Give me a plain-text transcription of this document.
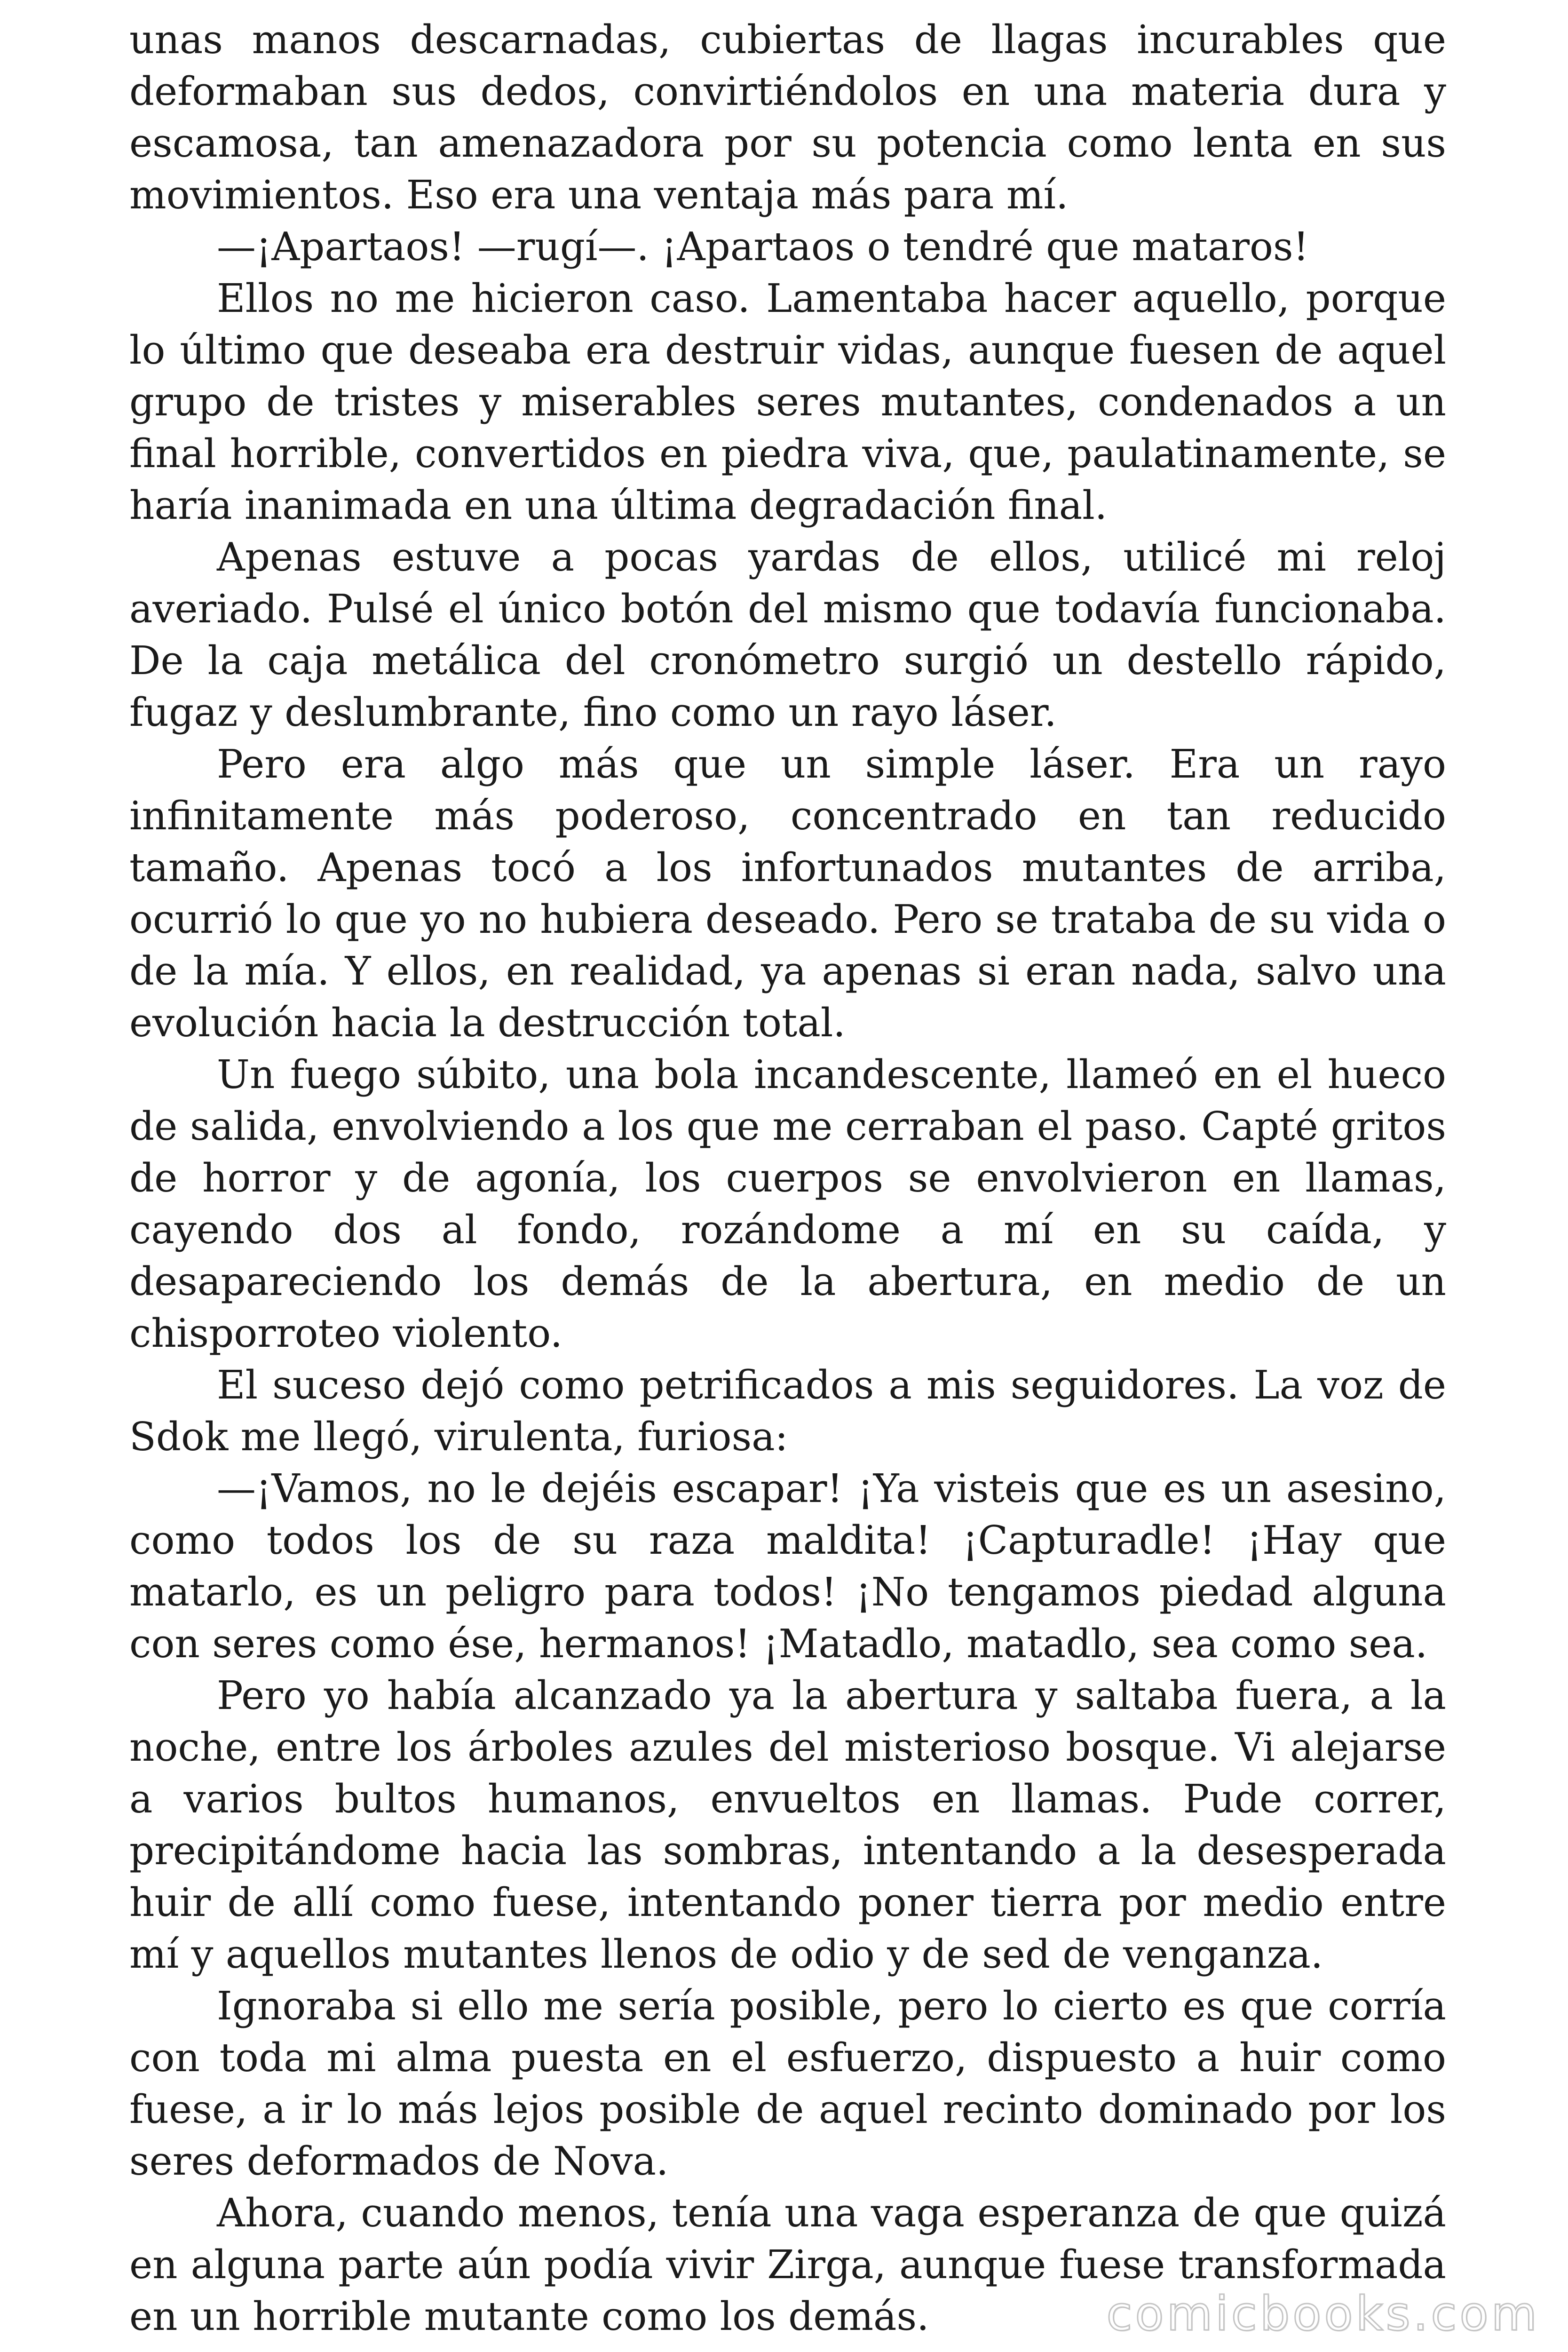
unas manos descarnadas, cubiertas de llagas incurables que deformaban sus dedos, convirtiéndolos en una materia dura y escamosa, tan amenazadora por su potencia como lenta en sus movimientos. Eso era una ventaja más para mí.

—¡Apartaos! —rugí—. ¡Apartaos o tendré que mataros!

Ellos no me hicieron caso. Lamentaba hacer aquello, porque lo último que deseaba era destruir vidas, aunque fuesen de aquel grupo de tristes y miserables seres mutantes, condenados a un final horrible, convertidos en piedra viva, que, paulatinamente, se haría inanimada en una última degradación final.

Apenas estuve a pocas yardas de ellos, utilicé mi reloj averiado. Pulsé el único botón del mismo que todavía funcionaba. De la caja metálica del cronómetro surgió un destello rápido, fugaz y deslumbrante, fino como un rayo láser.

Pero era algo más que un simple láser. Era un rayo infinitamente más poderoso, concentrado en tan reducido tamaño. Apenas tocó a los infortunados mutantes de arriba, ocurrió lo que yo no hubiera deseado. Pero se trataba de su vida o de la mía. Y ellos, en realidad, ya apenas si eran nada, salvo una evolución hacia la destrucción total.

Un fuego súbito, una bola incandescente, llameó en el hueco de salida, envolviendo a los que me cerraban el paso. Capté gritos de horror y de agonía, los cuerpos se envolvieron en llamas, cayendo dos al fondo, rozándome a mí en su caída, y desapareciendo los demás de la abertura, en medio de un chisporroteo violento.

El suceso dejó como petrificados a mis seguidores. La voz de Sdok me llegó, virulenta, furiosa:

—¡Vamos, no le dejéis escapar! ¡Ya visteis que es un asesino, como todos los de su raza maldita! ¡Capturadle! ¡Hay que matarlo, es un peligro para todos! ¡No tengamos piedad alguna con seres como ése, hermanos! ¡Matadlo, matadlo, sea como sea.

Pero yo había alcanzado ya la abertura y saltaba fuera, a la noche, entre los árboles azules del misterioso bosque. Vi alejarse a varios bultos humanos, envueltos en llamas. Pude correr, precipitándome hacia las sombras, intentando a la desesperada huir de allí como fuese, intentando poner tierra por medio entre mí y aquellos mutantes llenos de odio y de sed de venganza.

Ignoraba si ello me sería posible, pero lo cierto es que corría con toda mi alma puesta en el esfuerzo, dispuesto a huir como fuese, a ir lo más lejos posible de aquel recinto dominado por los seres deformados de Nova.

Ahora, cuando menos, tenía una vaga esperanza de que quizá en alguna parte aún podía vivir Zirga, aunque fuese transformada en un horrible mutante como los demás.	comicbooks.com
